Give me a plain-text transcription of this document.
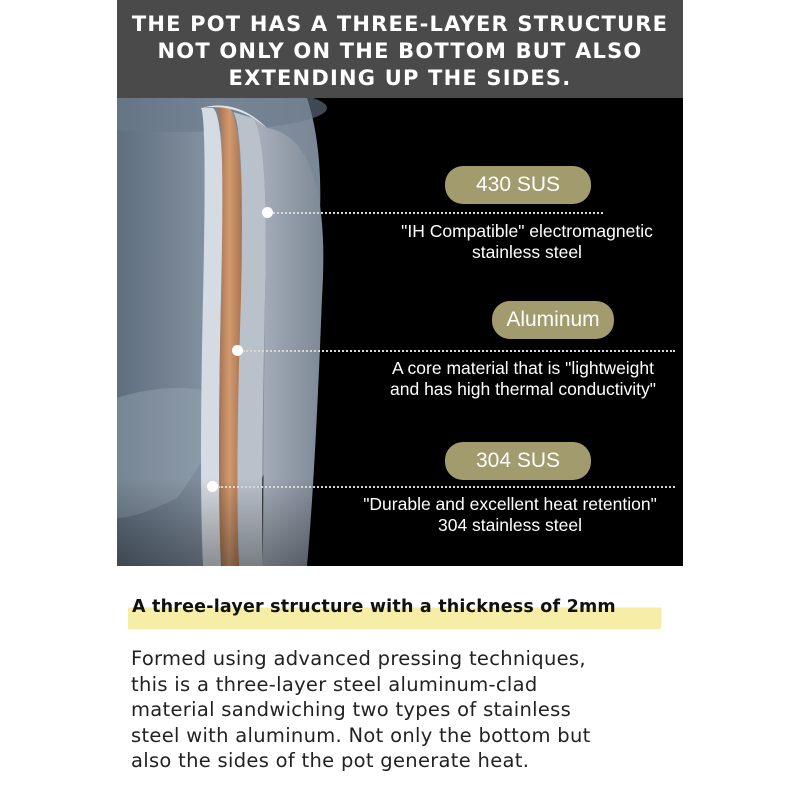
THE POT HAS A THREE-LAYER STRUCTURE
NOT ONLY ON THE BOTTOM BUT ALSO
EXTENDING UP THE SIDES.
430 SUS
"IH Compatible" electromagnetic
stainless steel
Aluminum
A core material that is "lightweight
and has high thermal conductivity"
304 SUS
"Durable and excellent heat retention"
304 stainless steel
A three-layer structure with a thickness of 2mm
Formed using advanced pressing techniques,
this is a three-layer steel aluminum-clad
material sandwiching two types of stainless
steel with aluminum. Not only the bottom but
also the sides of the pot generate heat.
